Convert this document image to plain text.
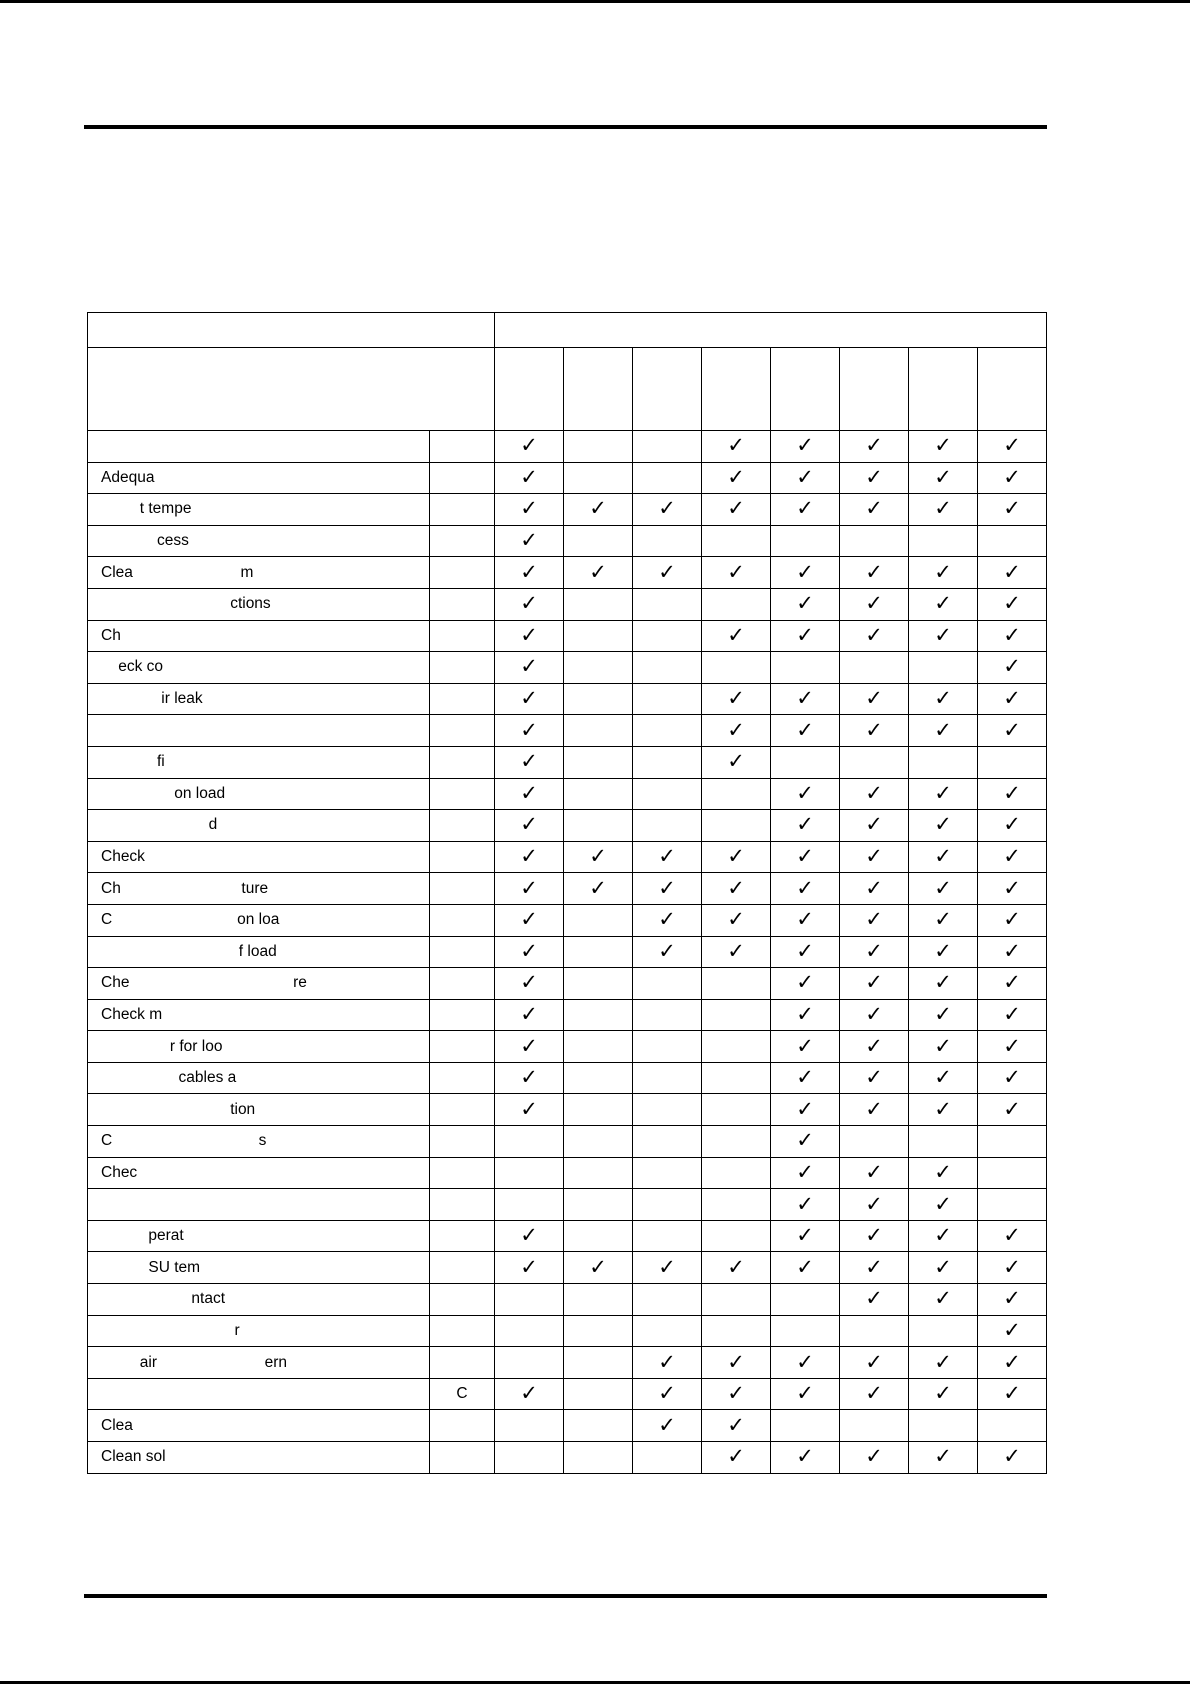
		✓			✓	✓	✓	✓	✓
Adequa		✓			✓	✓	✓	✓	✓
t tempe		✓	✓	✓	✓	✓	✓	✓	✓
cess		✓							
Clea                         m		✓	✓	✓	✓	✓	✓	✓	✓
ctions		✓				✓	✓	✓	✓
Ch		✓			✓	✓	✓	✓	✓
eck co		✓							✓
ir leak		✓			✓	✓	✓	✓	✓
		✓			✓	✓	✓	✓	✓
fi		✓			✓				
on load		✓				✓	✓	✓	✓
d		✓				✓	✓	✓	✓
Check		✓	✓	✓	✓	✓	✓	✓	✓
Ch                            ture		✓	✓	✓	✓	✓	✓	✓	✓
C                             on loa		✓		✓	✓	✓	✓	✓	✓
f load		✓		✓	✓	✓	✓	✓	✓
Che                                      re		✓				✓	✓	✓	✓
Check m		✓				✓	✓	✓	✓
r for loo		✓				✓	✓	✓	✓
cables a		✓				✓	✓	✓	✓
tion		✓				✓	✓	✓	✓
C                                  s						✓			
Chec						✓	✓	✓	
						✓	✓	✓	
perat		✓				✓	✓	✓	✓
SU tem		✓	✓	✓	✓	✓	✓	✓	✓
ntact							✓	✓	✓
r									✓
air                         ern				✓	✓	✓	✓	✓	✓
	C	✓		✓	✓	✓	✓	✓	✓
Clea				✓	✓				
Clean sol					✓	✓	✓	✓	✓
